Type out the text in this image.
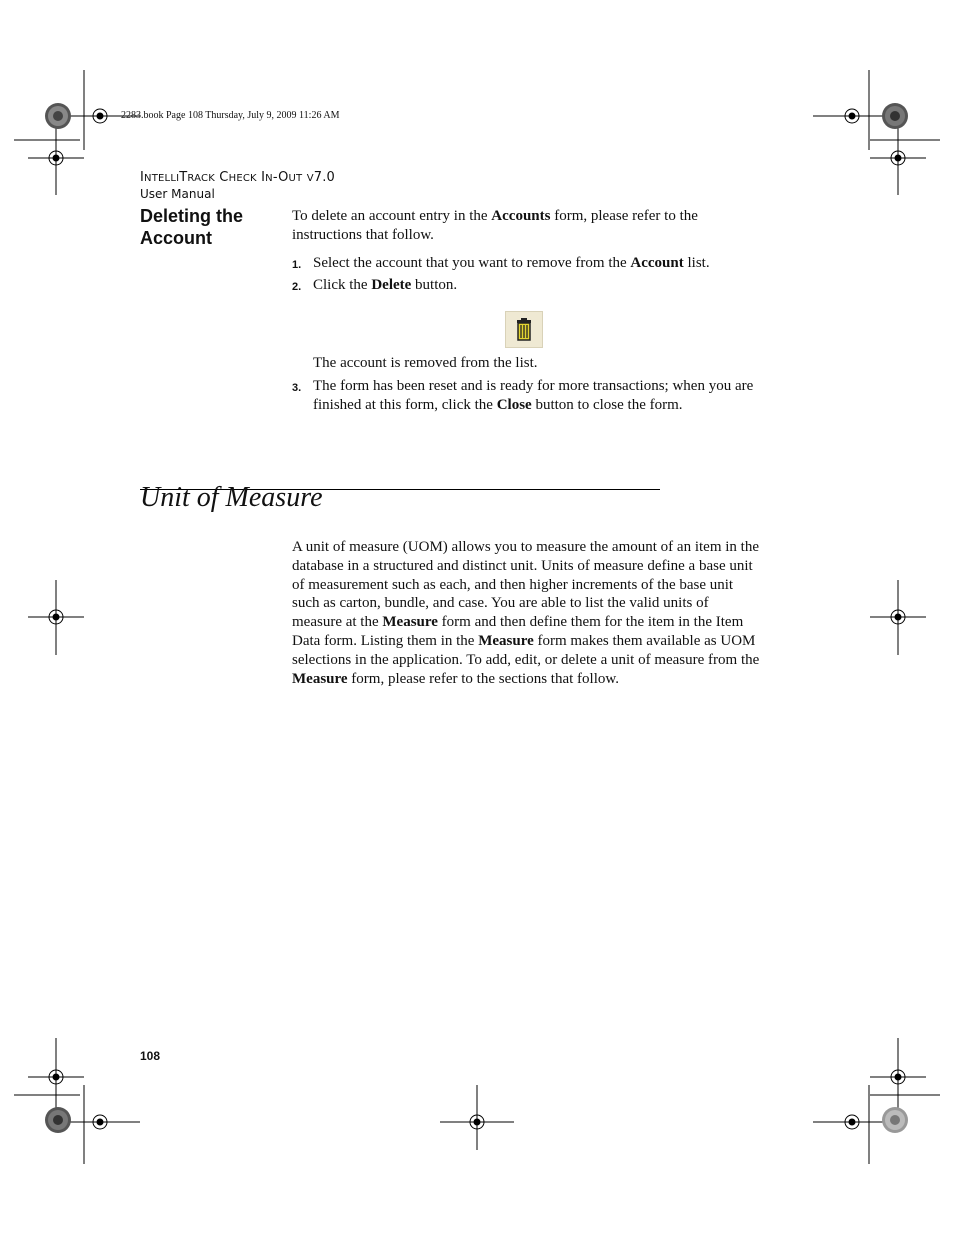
2283.book Page 108 Thursday, July 9, 2009 11:26 AM
INTELLITRACK CHECK IN-OUT V7.0
User Manual
Deleting the Account
To delete an account entry in the Accounts form, please refer to the instructions that follow.
1. Select the account that you want to remove from the Account list.
2. Click the Delete button.
The account is removed from the list.
3. The form has been reset and is ready for more transactions; when you are finished at this form, click the Close button to close the form.
Unit of Measure
A unit of measure (UOM) allows you to measure the amount of an item in the database in a structured and distinct unit. Units of measure define a base unit of measurement such as each, and then higher increments of the base unit such as carton, bundle, and case. You are able to list the valid units of measure at the Measure form and then define them for the item in the Item Data form. Listing them in the Measure form makes them available as UOM selections in the application. To add, edit, or delete a unit of measure from the Measure form, please refer to the sections that follow.
108
